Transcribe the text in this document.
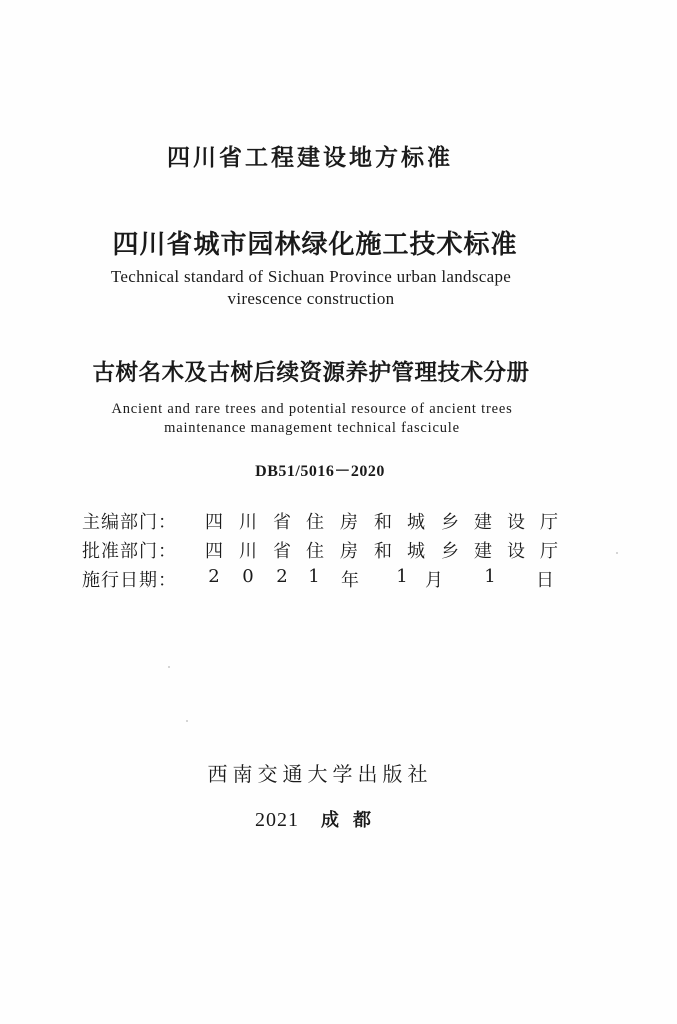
四川省工程建设地方标准
四川省城市园林绿化施工技术标准
Technical standard of Sichuan Province urban landscape
virescence construction
古树名木及古树后续资源养护管理技术分册
Ancient and rare trees and potential resource of ancient trees
maintenance management technical fascicule
DB51/5016－2020
主编部门： 四 川 省 住 房 和 城 乡 建 设 厅
批准部门： 四 川 省 住 房 和 城 乡 建 设 厅
施行日期：	2	0	2	1	年	1 月	1	日
西南交通大学出版社
2021 成都
